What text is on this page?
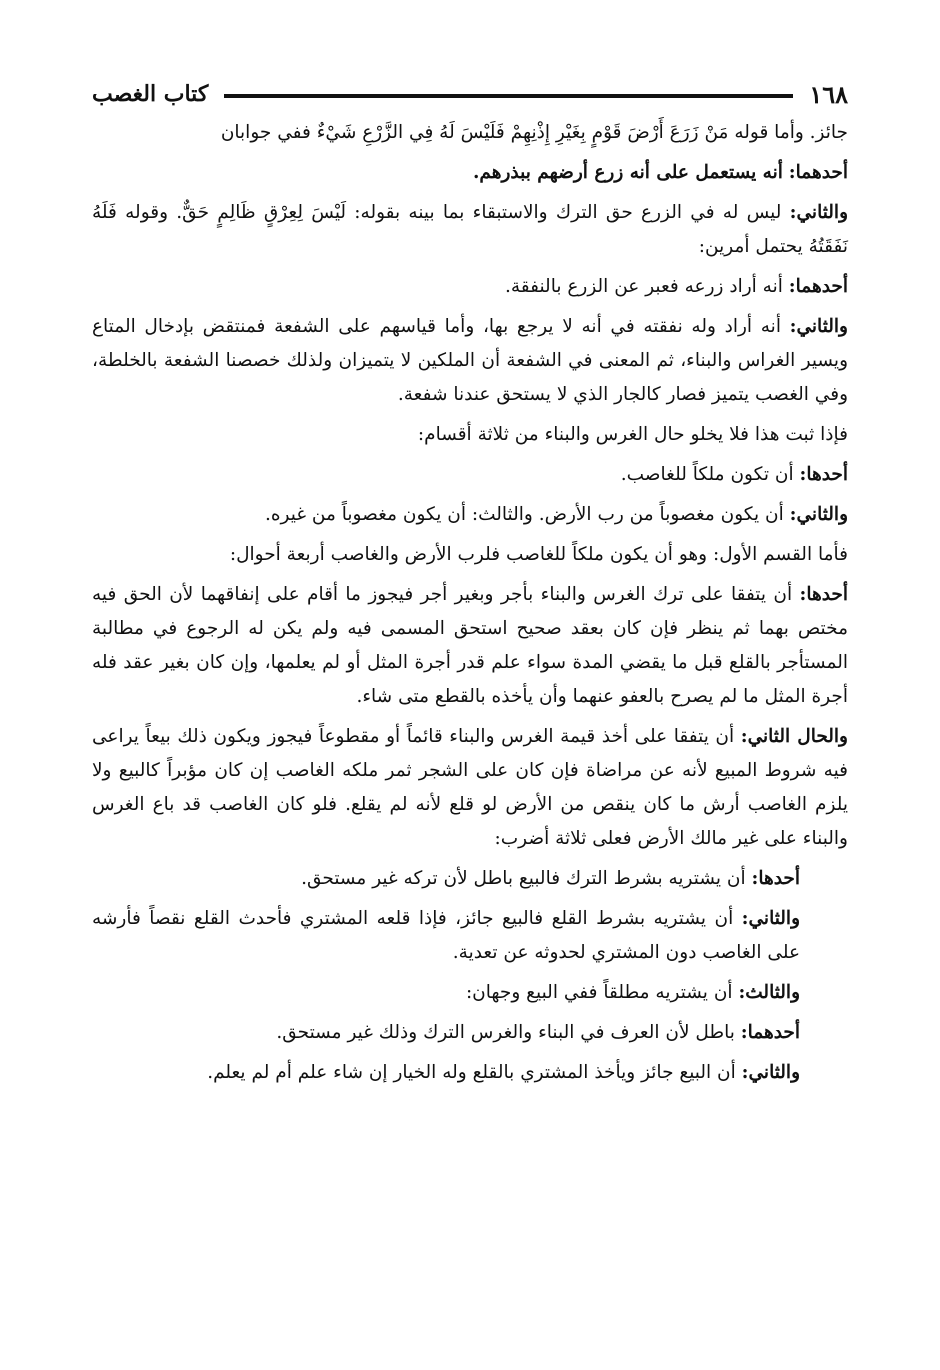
١٦٨
كتاب الغصب

جائز. وأما قوله مَنْ زَرَعَ أَرْضَ قَوْمٍ بِغَيْرِ إِذْنِهِمْ فَلَيْسَ لَهُ فِي الزَّرْعِ شَيْءٌ ففي جوابان

أحدهما: أنه يستعمل على أنه زرع أرضهم ببذرهم.

والثاني: ليس له في الزرع حق الترك والاستبقاء بما بينه بقوله: لَيْسَ لِعِرْقٍ ظَالِمٍ حَقٌّ. وقوله فَلَهُ نَفَقَتُهُ يحتمل أمرين:

أحدهما: أنه أراد زرعه فعبر عن الزرع بالنفقة.

والثاني: أنه أراد وله نفقته في أنه لا يرجع بها، وأما قياسهم على الشفعة فمنتقض بإدخال المتاع ويسير الغراس والبناء، ثم المعنى في الشفعة أن الملكين لا يتميزان ولذلك خصصنا الشفعة بالخلطة، وفي الغصب يتميز فصار كالجار الذي لا يستحق عندنا شفعة.

فإذا ثبت هذا فلا يخلو حال الغرس والبناء من ثلاثة أقسام:

أحدها: أن تكون ملكاً للغاصب.

والثاني: أن يكون مغصوباً من رب الأرض. والثالث: أن يكون مغصوباً من غيره.

فأما القسم الأول: وهو أن يكون ملكاً للغاصب فلرب الأرض والغاصب أربعة أحوال:

أحدها: أن يتفقا على ترك الغرس والبناء بأجر وبغير أجر فيجوز ما أقام على إنفاقهما لأن الحق فيه مختص بهما ثم ينظر فإن كان بعقد صحيح استحق المسمى فيه ولم يكن له الرجوع في مطالبة المستأجر بالقلع قبل ما يقضي المدة سواء علم قدر أجرة المثل أو لم يعلمها، وإن كان بغير عقد فله أجرة المثل ما لم يصرح بالعفو عنهما وأن يأخذه بالقطع متى شاء.

والحال الثاني: أن يتفقا على أخذ قيمة الغرس والبناء قائماً أو مقطوعاً فيجوز ويكون ذلك بيعاً يراعى فيه شروط المبيع لأنه عن مراضاة فإن كان على الشجر ثمر ملكه الغاصب إن كان مؤبراً كالبيع ولا يلزم الغاصب أرش ما كان ينقص من الأرض لو قلع لأنه لم يقلع. فلو كان الغاصب قد باع الغرس والبناء على غير مالك الأرض فعلى ثلاثة أضرب:

أحدها: أن يشتريه بشرط الترك فالبيع باطل لأن تركه غير مستحق.

والثاني: أن يشتريه بشرط القلع فالبيع جائز، فإذا قلعه المشتري فأحدث القلع نقصاً فأرشه على الغاصب دون المشتري لحدوثه عن تعدية.

والثالث: أن يشتريه مطلقاً ففي البيع وجهان:

أحدهما: باطل لأن العرف في البناء والغرس الترك وذلك غير مستحق.

والثاني: أن البيع جائز ويأخذ المشتري بالقلع وله الخيار إن شاء علم أم لم يعلم.
